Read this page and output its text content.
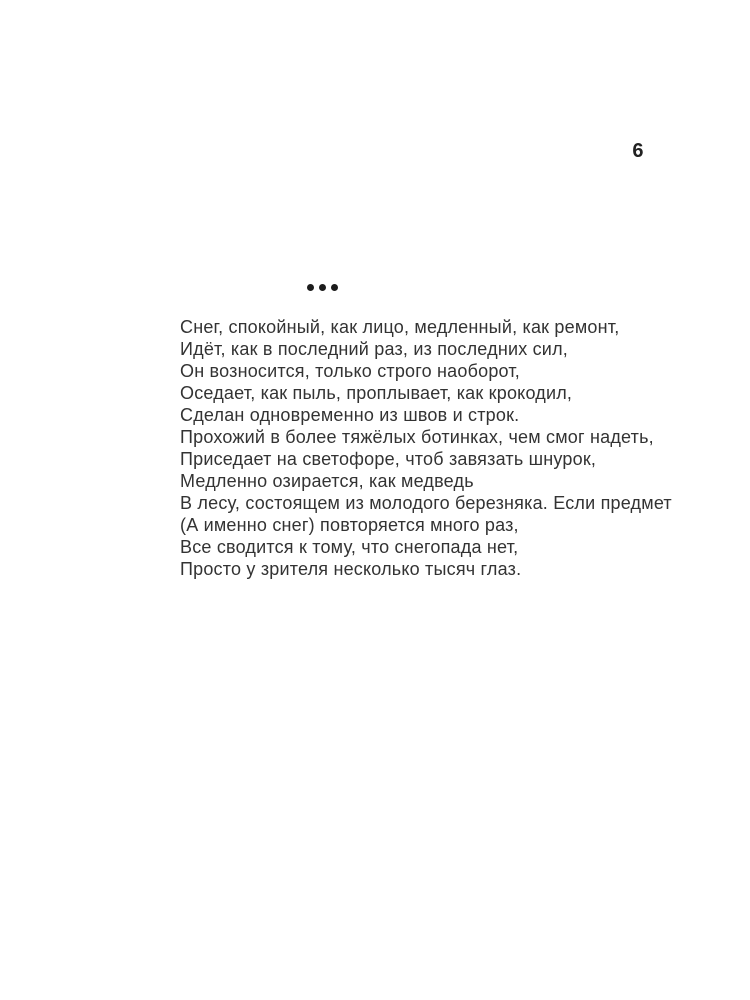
6
Снег, спокойный, как лицо, медленный, как ремонт,
Идёт, как в последний раз, из последних сил,
Он возносится, только строго наоборот,
Оседает, как пыль, проплывает, как крокодил,
Сделан одновременно из швов и строк.
Прохожий в более тяжёлых ботинках, чем смог надеть,
Приседает на светофоре, чтоб завязать шнурок,
Медленно озирается, как медведь
В лесу, состоящем из молодого березняка. Если предмет
(А именно снег) повторяется много раз,
Все сводится к тому, что снегопада нет,
Просто у зрителя несколько тысяч глаз.
